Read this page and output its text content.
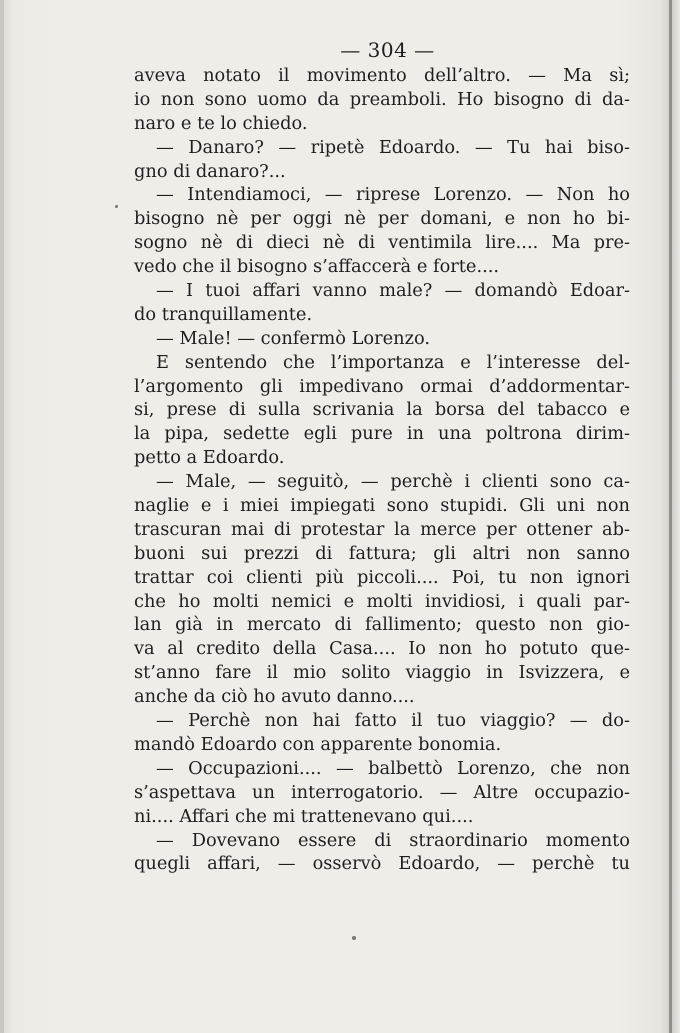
— 304 —
aveva notato il movimento dell’altro. — Ma sì;
io non sono uomo da preamboli. Ho bisogno di da-
naro e te lo chiedo.
— Danaro? — ripetè Edoardo. — Tu hai biso-
gno di danaro?...
— Intendiamoci, — riprese Lorenzo. — Non ho
bisogno nè per oggi nè per domani, e non ho bi-
sogno nè di dieci nè di ventimila lire.... Ma pre-
vedo che il bisogno s’affaccerà e forte....
— I tuoi affari vanno male? — domandò Edoar-
do tranquillamente.
— Male! — confermò Lorenzo.
E sentendo che l’importanza e l’interesse del-
l’argomento gli impedivano ormai d’addormentar-
si, prese di sulla scrivania la borsa del tabacco e
la pipa, sedette egli pure in una poltrona dirim-
petto a Edoardo.
— Male, — seguitò, — perchè i clienti sono ca-
naglie e i miei impiegati sono stupidi. Gli uni non
trascuran mai di protestar la merce per ottener ab-
buoni sui prezzi di fattura; gli altri non sanno
trattar coi clienti più piccoli.... Poi, tu non ignori
che ho molti nemici e molti invidiosi, i quali par-
lan già in mercato di fallimento; questo non gio-
va al credito della Casa.... Io non ho potuto que-
st’anno fare il mio solito viaggio in Isvizzera, e
anche da ciò ho avuto danno....
— Perchè non hai fatto il tuo viaggio? — do-
mandò Edoardo con apparente bonomia.
— Occupazioni.... — balbettò Lorenzo, che non
s’aspettava un interrogatorio. — Altre occupazio-
ni.... Affari che mi trattenevano qui....
— Dovevano essere di straordinario momento
quegli affari, — osservò Edoardo, — perchè tu
